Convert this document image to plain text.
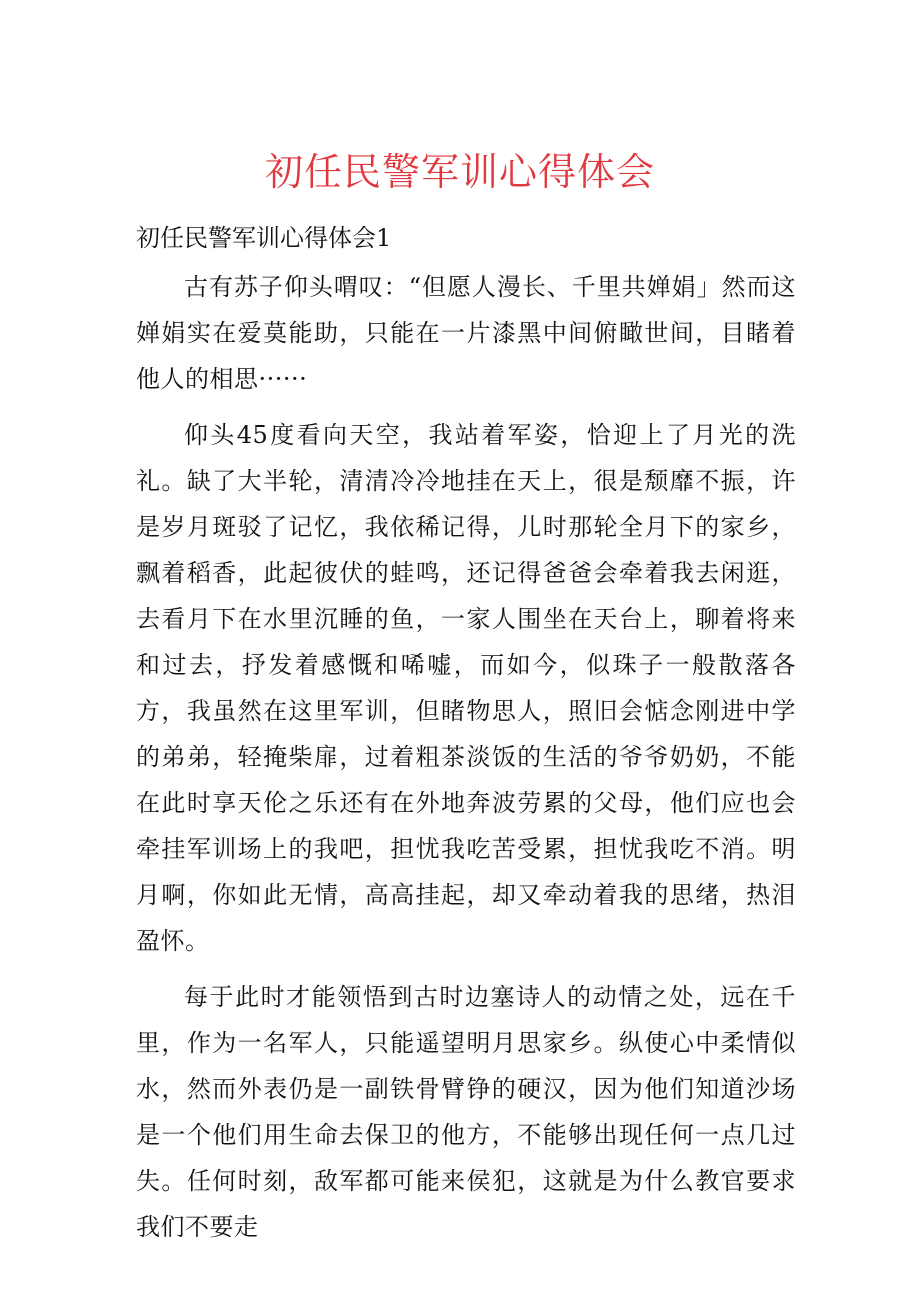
初任民警军训心得体会

初任民警军训心得体会1

古有苏子仰头喟叹：“但愿人漫长、千里共婵娟」然而这婵娟实在爱莫能助，只能在一片漆黑中间俯瞰世间，目睹着他人的相思······

仰头45度看向天空，我站着军姿，恰迎上了月光的洗礼。缺了大半轮，清清冷冷地挂在天上，很是颓靡不振，许是岁月斑驳了记忆，我依稀记得，儿时那轮全月下的家乡，飘着稻香，此起彼伏的蛙鸣，还记得爸爸会牵着我去闲逛，去看月下在水里沉睡的鱼，一家人围坐在天台上，聊着将来和过去，抒发着感慨和唏嘘，而如今，似珠子一般散落各方，我虽然在这里军训，但睹物思人，照旧会惦念刚进中学的弟弟，轻掩柴扉，过着粗茶淡饭的生活的爷爷奶奶，不能在此时享天伦之乐还有在外地奔波劳累的父母，他们应也会牵挂军训场上的我吧，担忧我吃苦受累，担忧我吃不消。明月啊，你如此无情，高高挂起，却又牵动着我的思绪，热泪盈怀。

每于此时才能领悟到古时边塞诗人的动情之处，远在千里，作为一名军人，只能遥望明月思家乡。纵使心中柔情似水，然而外表仍是一副铁骨臂铮的硬汉，因为他们知道沙场是一个他们用生命去保卫的他方，不能够出现任何一点几过失。任何时刻，敌军都可能来侯犯，这就是为什么教官要求我们不要走
